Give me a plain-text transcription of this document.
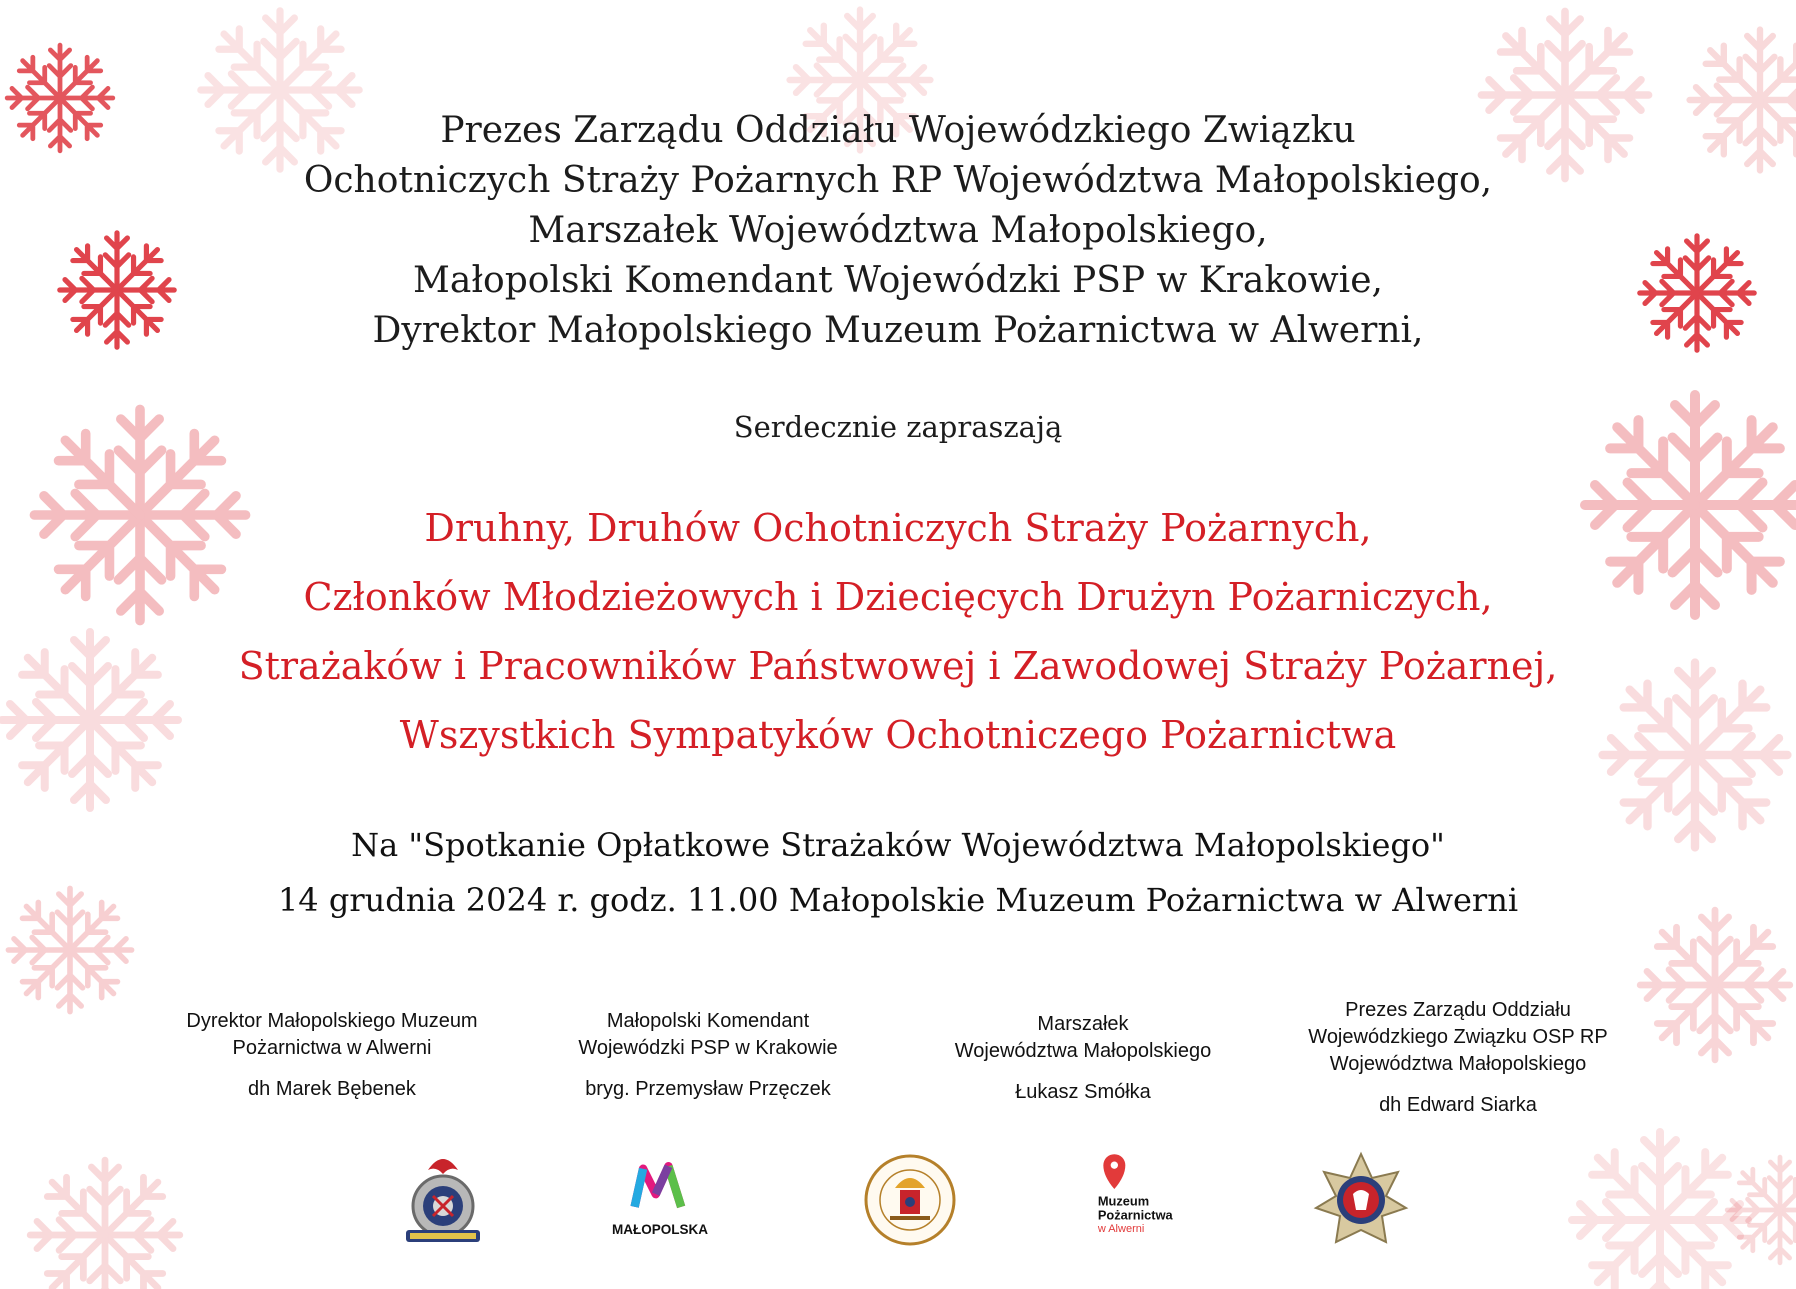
Prezes Zarządu Oddziału Wojewódzkiego Związku
Ochotniczych Straży Pożarnych RP Województwa Małopolskiego,
Marszałek Województwa Małopolskiego,
Małopolski Komendant Wojewódzki PSP w Krakowie,
Dyrektor Małopolskiego Muzeum Pożarnictwa w Alwerni,
Serdecznie zapraszają
Druhny, Druhów Ochotniczych Straży Pożarnych,
Członków Młodzieżowych i Dziecięcych Drużyn Pożarniczych,
Strażaków i Pracowników Państwowej i Zawodowej Straży Pożarnej,
Wszystkich Sympatyków Ochotniczego Pożarnictwa
Na "Spotkanie Opłatkowe Strażaków Województwa Małopolskiego"
14 grudnia 2024 r. godz. 11.00 Małopolskie Muzeum Pożarnictwa w Alwerni
Dyrektor Małopolskiego Muzeum
Pożarnictwa w Alwerni
dh Marek Bębenek
Małopolski Komendant
Wojewódzki PSP w Krakowie
bryg. Przemysław Przęczek
Marszałek
Województwa Małopolskiego
Łukasz Smółka
Prezes Zarządu Oddziału
Wojewódzkiego Związku OSP RP
Województwa Małopolskiego
dh Edward Siarka
MAŁOPOLSKA
Muzeum
Pożarnictwa
w Alwerni
